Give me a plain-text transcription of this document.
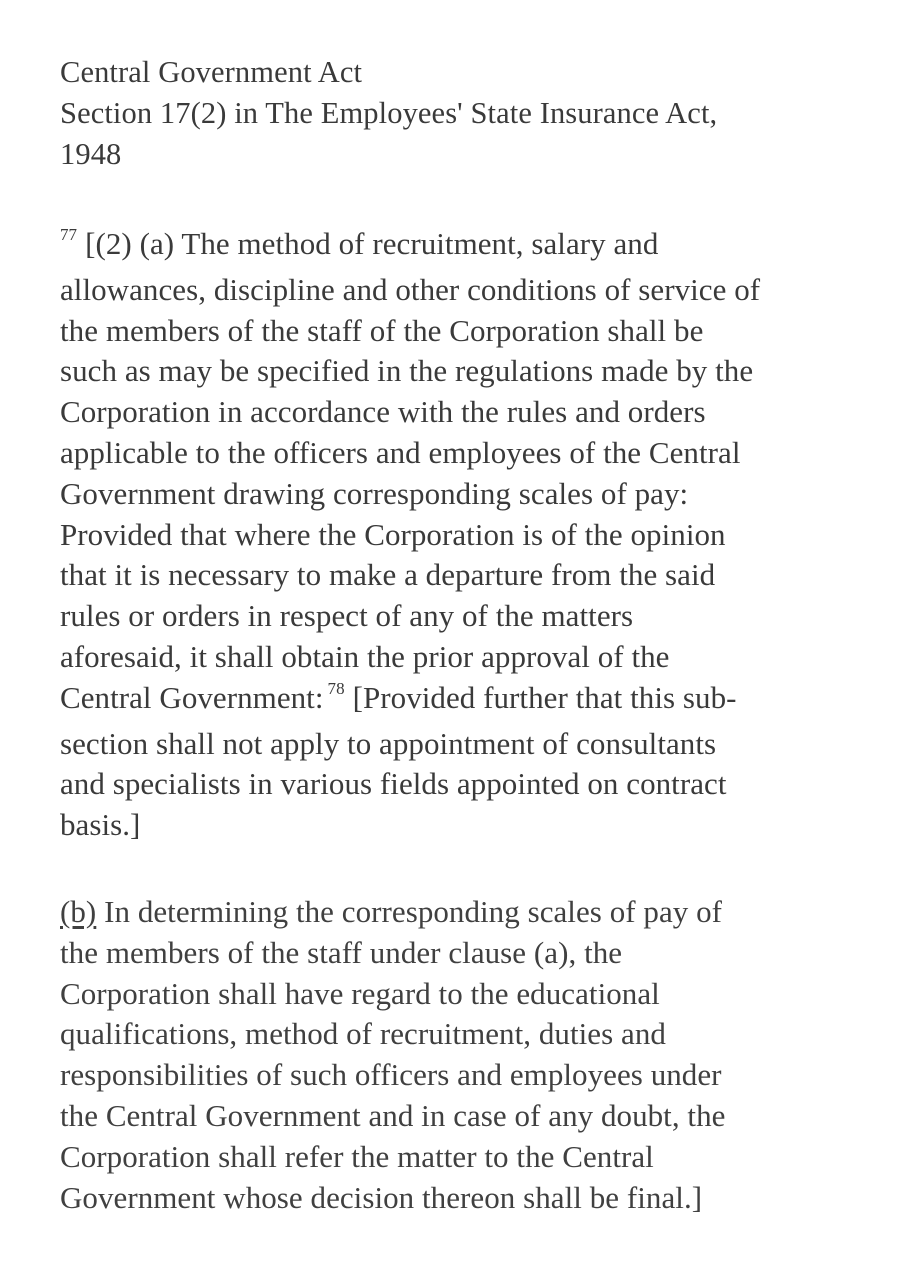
Central Government Act
Section 17(2) in The Employees' State Insurance Act,
1948
$^{77}$ [(2) (a) The method of recruitment, salary and
allowances, discipline and other conditions of service of
the members of the staff of the Corporation shall be
such as may be specified in the regulations made by the
Corporation in accordance with the rules and orders
applicable to the officers and employees of the Central
Government drawing corresponding scales of pay:
Provided that where the Corporation is of the opinion
that it is necessary to make a departure from the said
rules or orders in respect of any of the matters
aforesaid, it shall obtain the prior approval of the
Central Government: $^{78}$ [Provided further that this sub-
section shall not apply to appointment of consultants
and specialists in various fields appointed on contract
basis.]
(b) In determining the corresponding scales of pay of
the members of the staff under clause (a), the
Corporation shall have regard to the educational
qualifications, method of recruitment, duties and
responsibilities of such officers and employees under
the Central Government and in case of any doubt, the
Corporation shall refer the matter to the Central
Government whose decision thereon shall be final.]
